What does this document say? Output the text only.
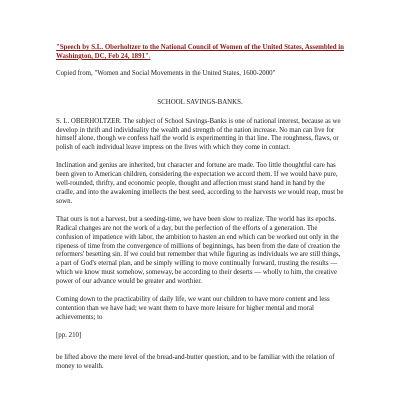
"Speech by S.L. Oberholtzer to the National Council of Women of the United States, Assembled in Washington, DC, Feb 24, 1891".

Copied from, "Women and Social Movements in the United States, 1600-2000"

SCHOOL SAVINGS-BANKS.

S. L. OBERHOLTZER. The subject of School Savings-Banks is one of national interest, because as we develop in thrift and individuality the wealth and strength of the nation increase. No man can live for himself alone, though we confess half the world is experimenting in that line. The roughness, flaws, or polish of each individual leave impress on the lives with which they come in contact.

Inclination and genius are inherited, but character and fortune are made. Too little thoughtful care has been given to American children, considering the expectation we accord them. If we would have pure, well-rounded, thrifty, and economic people, thought and affection must stand hand in hand by the cradle, and into the awakening intellects the best seed, according to the harvests we would reap, must be sown.

That ours is not a harvest, but a seeding-time, we have been slow to realize. The world has its epochs. Radical changes are not the work of a day, but the perfection of the efforts of a generation. The confusion of impatience with labor, the ambition to hasten an end which can be worked out only in the ripeness of time from the convergence of millions of beginnings, has been from the date of creation the reformers' besetting sin. If we could but remember that while figuring as individuals we are still things, a part of God's eternal plan, and be simply willing to move continually forward, trusting the results — which we know must somehow, someway, be according to their deserts — wholly to him, the creative power of our advance would be greater and worthier.

Coming down to the practicability of daily life, we want our children to have more content and less contention than we have had; we want them to have more leisure for higher mental and moral achievements; to

[pp. 210]

be lifted above the mere level of the bread-and-butter question, and to be familiar with the relation of money to wealth.
